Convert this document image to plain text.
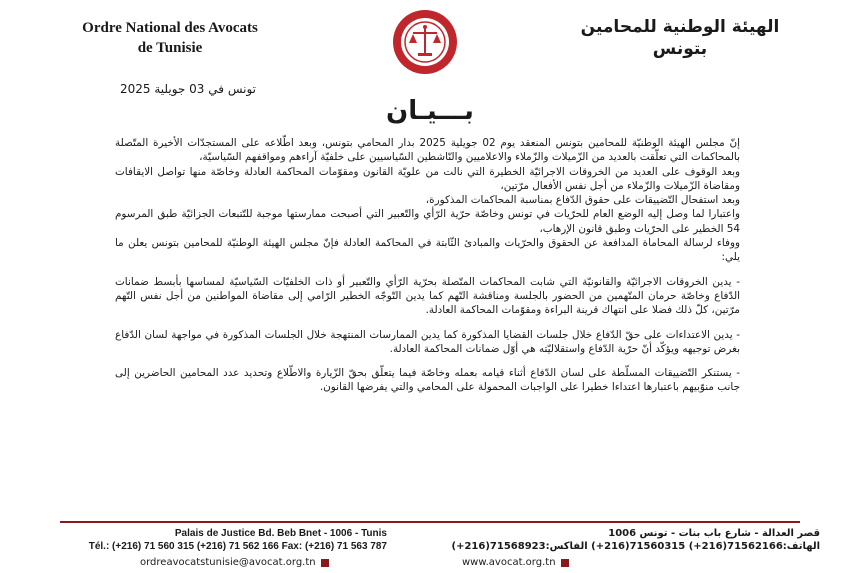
Ordre National des Avocats
de Tunisie
الهيئة الوطنية للمحامين
بتونس
تونس في 03 جويلية 2025
بـــيـان

إنّ مجلس الهيئة الوطنيّة للمحامين بتونس المنعقد يوم 02 جويلية 2025 بدار المحامي بتونس، وبعد اطّلاعه على المستجدّات الأخيرة المتّصلة بالمحاكمات التي تعلّقت بالعديد من الزّميلات والزّملاء والاعلاميين والنّاشطين السّياسيين على خلفيّة آراءهم ومواقفهم السّياسيّة،

وبعد الوقوف على العديد من الخروقات الاجرائيّة الخطيرة التي نالت من علويّة القانون ومقوّمات المحاكمة العادلة وخاصّة منها تواصل الايقافات ومقاضاة الزّميلات والزّملاء من أجل نفس الأفعال مرّتين،

وبعد استفحال التّضييقات على حقوق الدّفاع بمناسبة المحاكمات المذكورة،

واعتبارا لما وصل إليه الوضع العام للحرّيات في تونس وخاصّة حرّية الرّأي والتّعبير التي أصبحت ممارستها موجبة للتّتبعات الجزائيّة طبق المرسوم 54 الخطير على الحرّيات وطبق قانون الإرهاب،

ووفاء لرسالة المحاماة المدافعة عن الحقوق والحرّيات والمبادئ الثّابتة في المحاكمة العادلة فإنّ مجلس الهيئة الوطنيّة للمحامين بتونس يعلن ما يلي:

- يدين الخروقات الاجرائيّة والقانونيّة التي شابت المحاكمات المتّصلة بحرّية الرّأي والتّعبير أو ذات الخلفيّات السّياسيّة لمساسها بأبسط ضمانات الدّفاع وخاصّة حرمان المتّهمين من الحضور بالجلسة ومناقشة التّهم كما يدين التّوجّه الخطير الرّامي إلى مقاضاة المواطنين من أجل نفس التّهم مرّتين، كلّ ذلك فضلا على انتهاك قرينة البراءة ومقوّمات المحاكمة العادلة.

- يدين الاعتداءات على حقّ الدّفاع خلال جلسات القضايا المذكورة كما يدين الممارسات المنتهجة خلال الجلسات المذكورة في مواجهة لسان الدّفاع بغرض توجيهه ويؤكّد أنّ حرّية الدّفاع واستقلاليّته هي أوّل ضمانات المحاكمة العادلة.

- يستنكر التّضييقات المسلّطة على لسان الدّفاع أثناء قيامه بعمله وخاصّة فيما يتعلّق بحقّ الزّيارة والاطّلاع وتحديد عدد المحامين الحاضرين إلى جانب منوّبيهم باعتبارها اعتداءا خطيرا على الواجبات المحمولة على المحامي والتي يفرضها القانون.

Palais de Justice Bd. Beb Bnet - 1006 - Tunis
Tél.: (+216) 71 560 315 (+216) 71 562 166 Fax: (+216) 71 563 787
قصر العدالة - شارع باب بنات - تونس 1006
الهاتف:71562166(216+) 71560315(216+) الفاكس:71568923(216+)
ordreavocatstunisie@avocat.org.tn	www.avocat.org.tn
